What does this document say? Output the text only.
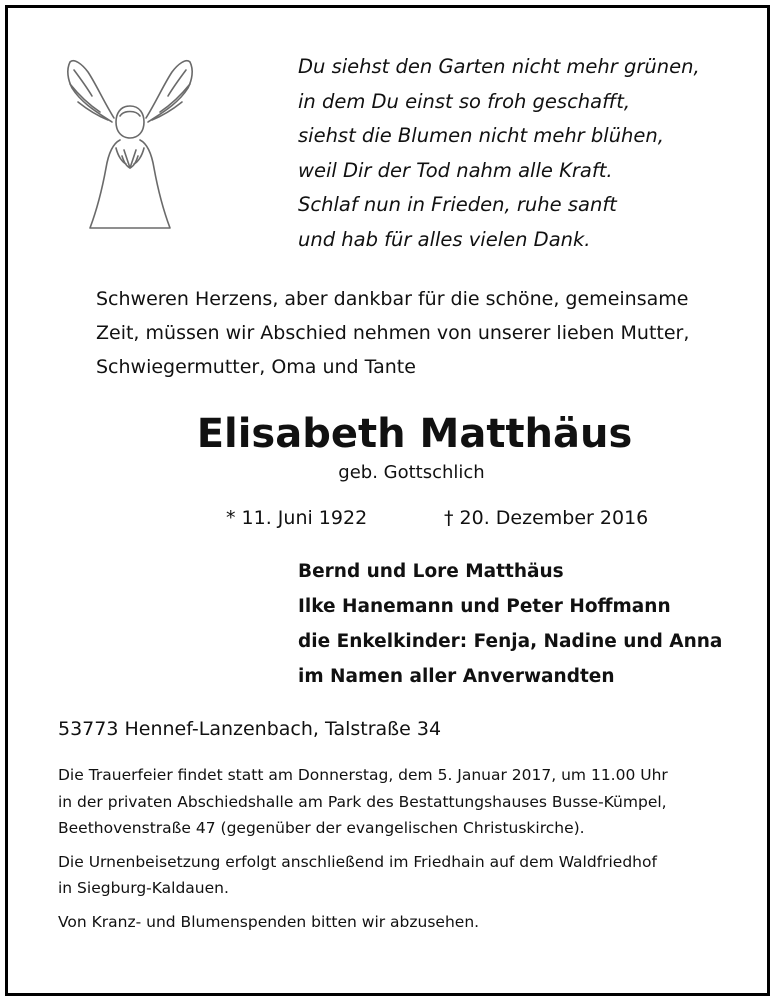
Du siehst den Garten nicht mehr grünen,
in dem Du einst so froh geschafft,
siehst die Blumen nicht mehr blühen,
weil Dir der Tod nahm alle Kraft.
Schlaf nun in Frieden, ruhe sanft
und hab für alles vielen Dank.
Schweren Herzens, aber dankbar für die schöne, gemeinsame
Zeit, müssen wir Abschied nehmen von unserer lieben Mutter,
Schwiegermutter, Oma und Tante
Elisabeth Matthäus
geb. Gottschlich
* 11. Juni 1922	† 20. Dezember 2016
Bernd und Lore Matthäus
Ilke Hanemann und Peter Hoffmann
die Enkelkinder: Fenja, Nadine und Anna
im Namen aller Anverwandten
53773 Hennef-Lanzenbach, Talstraße 34

Die Trauerfeier findet statt am Donnerstag, dem 5. Januar 2017, um 11.00 Uhr
in der privaten Abschiedshalle am Park des Bestattungshauses Busse-Kümpel,
Beethovenstraße 47 (gegenüber der evangelischen Christuskirche).

Die Urnenbeisetzung erfolgt anschließend im Friedhain auf dem Waldfriedhof
in Siegburg-Kaldauen.

Von Kranz- und Blumenspenden bitten wir abzusehen.
